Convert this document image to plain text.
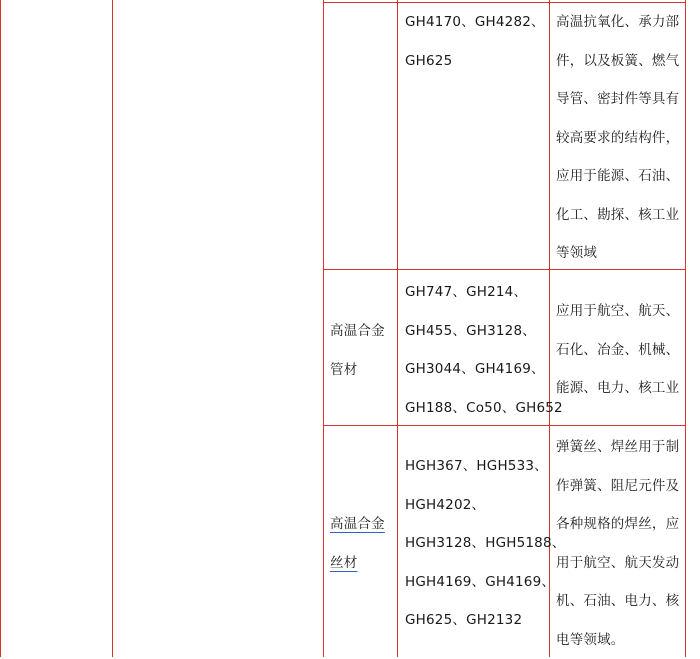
GH4170、GH4282、
GH625
高温抗氧化、承力部
件，以及板簧、燃气
导管、密封件等具有
较高要求的结构件，
应用于能源、石油、
化工、勘探、核工业
等领域
高温合金
管材
GH747、GH214、
GH455、GH3128、
GH3044、GH4169、
GH188、Co50、GH652
应用于航空、航天、
石化、冶金、机械、
能源、电力、核工业
高温合金
丝材
HGH367、HGH533、
HGH4202、
HGH3128、HGH5188、
HGH4169、GH4169、
GH625、GH2132
弹簧丝、焊丝用于制
作弹簧、阻尼元件及
各种规格的焊丝，应
用于航空、航天发动
机、石油、电力、核
电等领域。
